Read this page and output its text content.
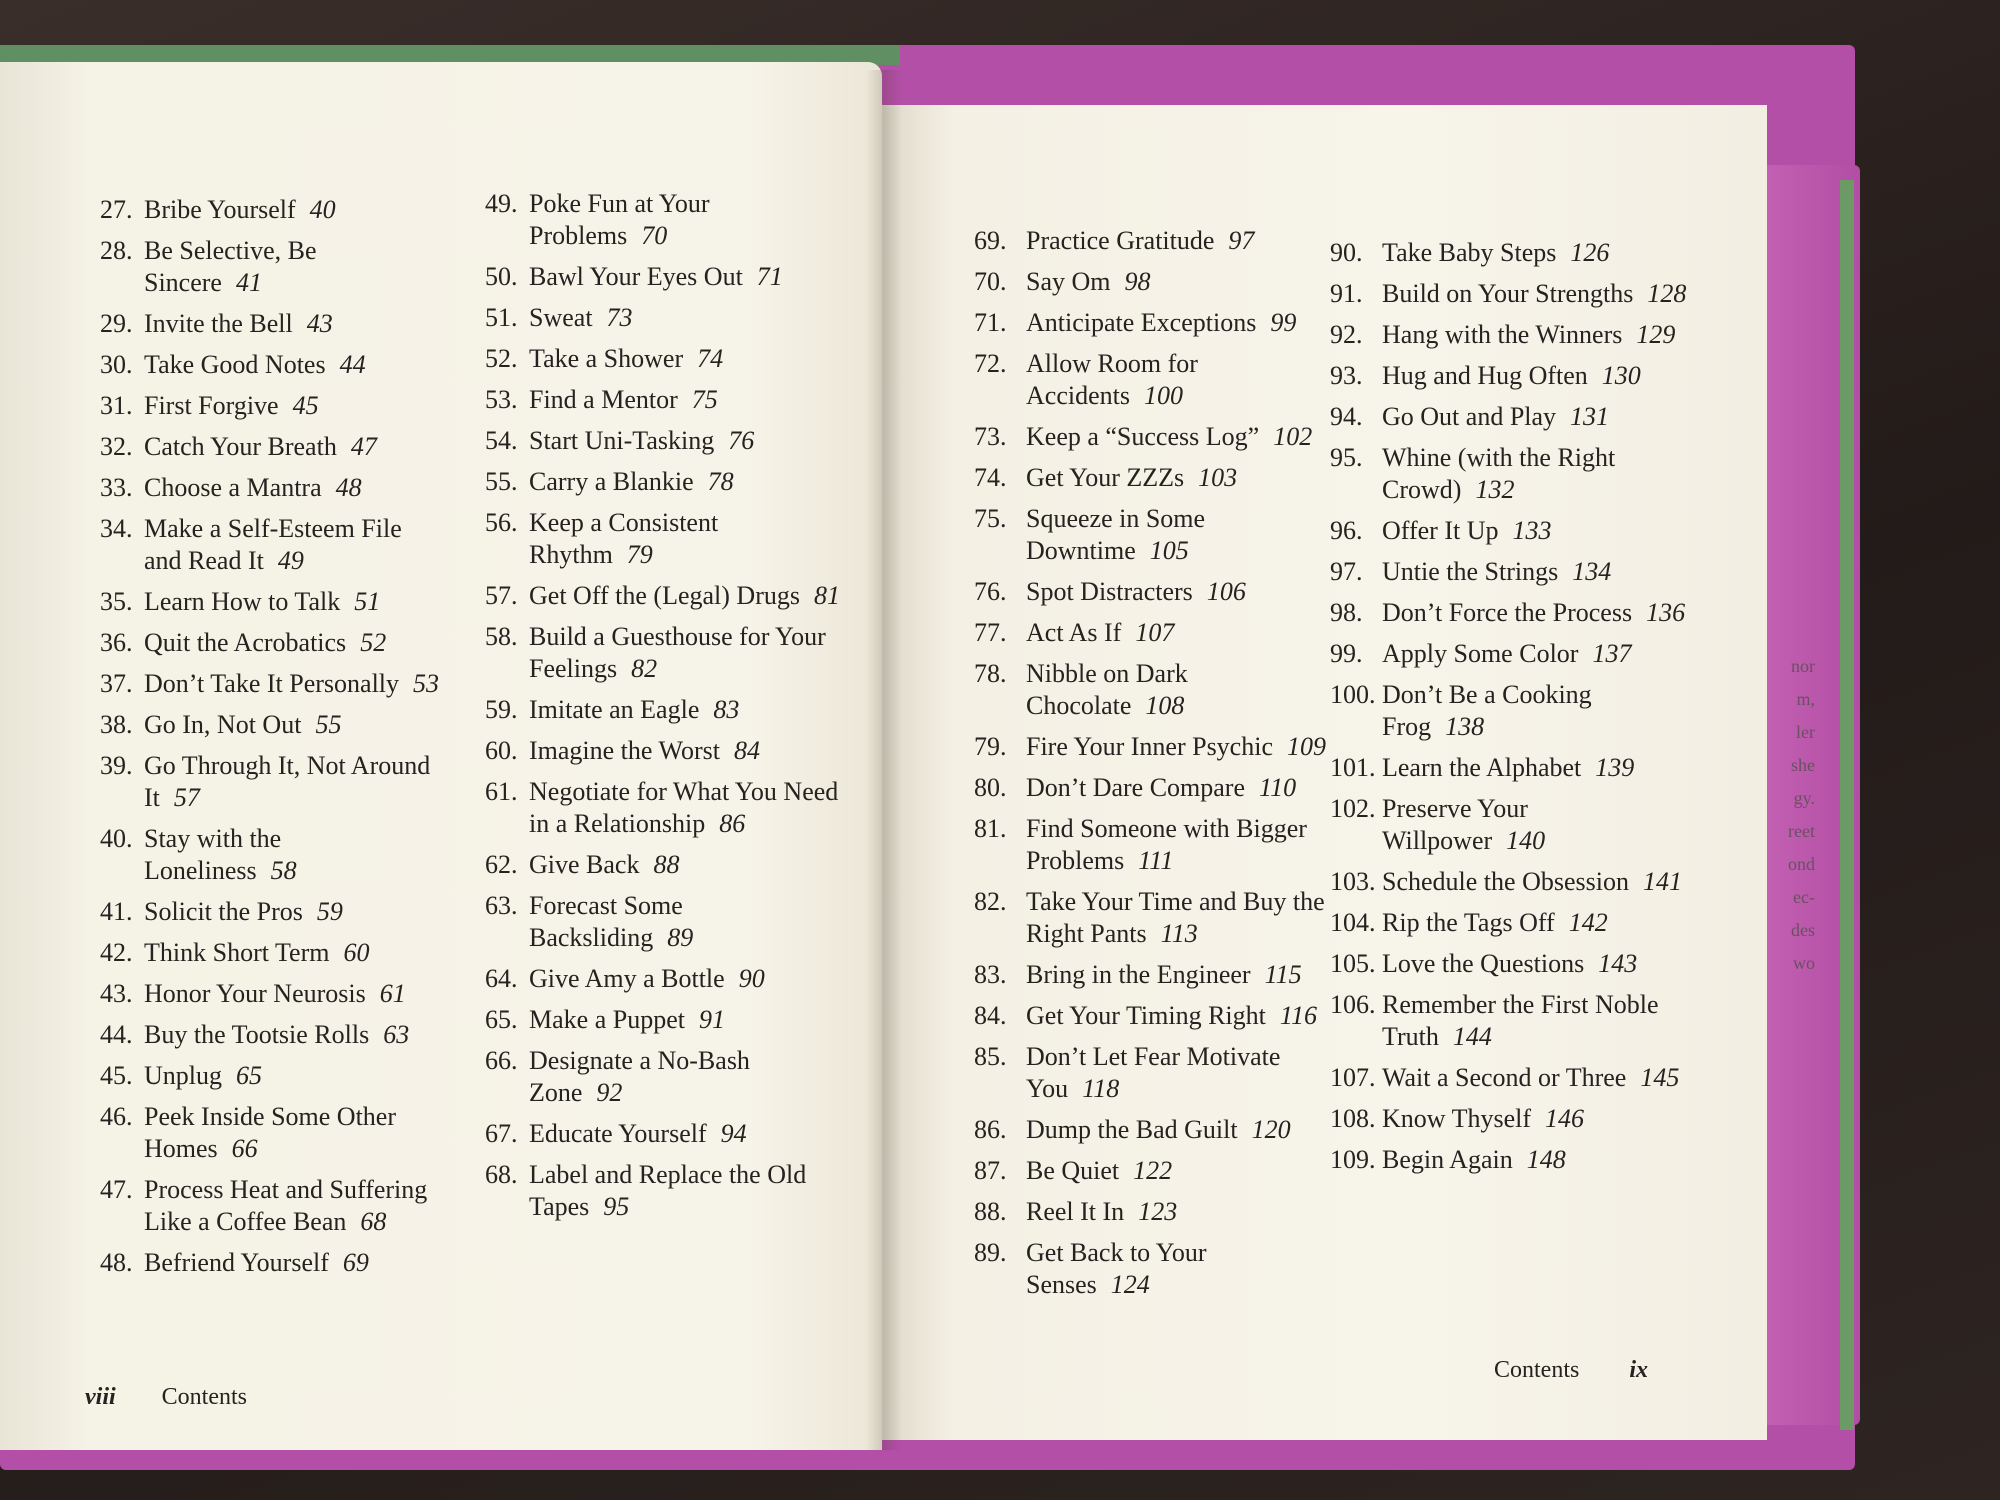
nor
m,
ler
she
gy.
reet
ond
ec-
des
wo
27. Bribe Yourself 40
28. Be Selective, Be Sincere 41
29. Invite the Bell 43
30. Take Good Notes 44
31. First Forgive 45
32. Catch Your Breath 47
33. Choose a Mantra 48
34. Make a Self-Esteem File and Read It 49
35. Learn How to Talk 51
36. Quit the Acrobatics 52
37. Don’t Take It Personally 53
38. Go In, Not Out 55
39. Go Through It, Not Around It 57
40. Stay with the Loneliness 58
41. Solicit the Pros 59
42. Think Short Term 60
43. Honor Your Neurosis 61
44. Buy the Tootsie Rolls 63
45. Unplug 65
46. Peek Inside Some Other Homes 66
47. Process Heat and Suffering Like a Coffee Bean 68
48. Befriend Yourself 69
49. Poke Fun at Your Problems 70
50. Bawl Your Eyes Out 71
51. Sweat 73
52. Take a Shower 74
53. Find a Mentor 75
54. Start Uni-Tasking 76
55. Carry a Blankie 78
56. Keep a Consistent Rhythm 79
57. Get Off the (Legal) Drugs 81
58. Build a Guesthouse for Your Feelings 82
59. Imitate an Eagle 83
60. Imagine the Worst 84
61. Negotiate for What You Need in a Relationship 86
62. Give Back 88
63. Forecast Some Backsliding 89
64. Give Amy a Bottle 90
65. Make a Puppet 91
66. Designate a No-Bash Zone 92
67. Educate Yourself 94
68. Label and Replace the Old Tapes 95
viii Contents
69. Practice Gratitude 97
70. Say Om 98
71. Anticipate Exceptions 99
72. Allow Room for Accidents 100
73. Keep a “Success Log” 102
74. Get Your ZZZs 103
75. Squeeze in Some Downtime 105
76. Spot Distracters 106
77. Act As If 107
78. Nibble on Dark Chocolate 108
79. Fire Your Inner Psychic 109
80. Don’t Dare Compare 110
81. Find Someone with Bigger Problems 111
82. Take Your Time and Buy the Right Pants 113
83. Bring in the Engineer 115
84. Get Your Timing Right 116
85. Don’t Let Fear Motivate You 118
86. Dump the Bad Guilt 120
87. Be Quiet 122
88. Reel It In 123
89. Get Back to Your Senses 124
90. Take Baby Steps 126
91. Build on Your Strengths 128
92. Hang with the Winners 129
93. Hug and Hug Often 130
94. Go Out and Play 131
95. Whine (with the Right Crowd) 132
96. Offer It Up 133
97. Untie the Strings 134
98. Don’t Force the Process 136
99. Apply Some Color 137
100. Don’t Be a Cooking Frog 138
101. Learn the Alphabet 139
102. Preserve Your Willpower 140
103. Schedule the Obsession 141
104. Rip the Tags Off 142
105. Love the Questions 143
106. Remember the First Noble Truth 144
107. Wait a Second or Three 145
108. Know Thyself 146
109. Begin Again 148
Contents ix
